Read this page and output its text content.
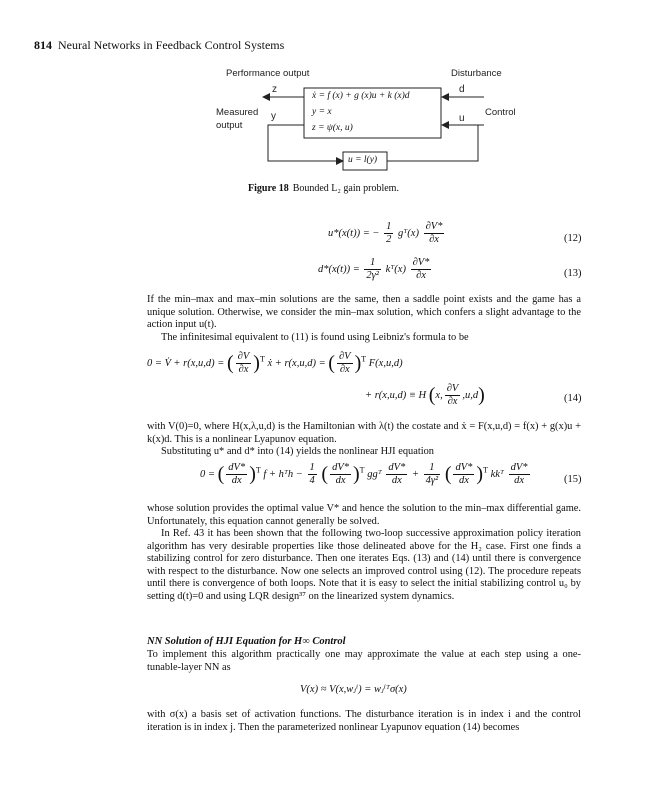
814 Neural Networks in Feedback Control Systems
Performance output	Disturbance
z	d
Measured
output
y	u
Control
ẋ = f (x) + g (x)u + k (x)d
y = x
z = ψ(x, u)
u = l(y)
Figure 18 Bounded L₂ gain problem.
u*(x(t)) = − $\frac{1}{2}$ gᵀ(x) $\frac{\partial V*}{\partial x}$	(12)
$d*(x(t)) = \frac{1}{\text{2γ²}}$ kᵀ(x) $\frac{\partial V*}{\partial x}$	(13)
If the min–max and max–min solutions are the same, then a saddle point exists and the game has a unique solution. Otherwise, we consider the min–max solution, which confers a slight advantage to the action input u(t).
The infinitesimal equivalent to (11) is found using Leibniz's formula to be
0 = V̇ + r(x,u,d) = ( $\frac{\partial V}{\partial x} )^T$ ẋ + r(x,u,d) = ( $\frac{\partial V}{\partial x} )^T$ F(x,u,d)
+ r(x,u,d) ≡ H (x, $\frac{\partial V}{\partial x} ,u,d$)	(14)
with V(0)=0, where H(x,λ,u,d) is the Hamiltonian with λ(t) the costate and ẋ = F(x,u,d) = f(x) + g(x)u + k(x)d. This is a nonlinear Lyapunov equation.
Substituting u* and d* into (14) yields the nonlinear HJI equation
0 = ( $\frac{dV*}{dx} )^T$ f + hᵀh − $\frac{1}{4}$ ( $\frac{dV*}{dx} )^T$ ggᵀ $\frac{dV*}{dx} + \frac{1}{\text{4γ²}}$ ( $\frac{dV*}{dx} )^T$ kkᵀ $\frac{dV*}{dx}$	(15)
whose solution provides the optimal value V* and hence the solution to the min–max differential game. Unfortunately, this equation cannot generally be solved.
In Ref. 43 it has been shown that the following two-loop successive approximation policy iteration algorithm has very desirable properties like those delineated above for the H₂ case. First one finds a stabilizing control for zero disturbance. Then one iterates Eqs. (13) and (14) until there is convergence with respect to the disturbance. Now one selects an improved control using (12). The procedure repeats until there is convergence of both loops. Note that it is easy to select the initial stabilizing control u₀ by setting d(t)=0 and using LQR design³⁷ on the linearized system dynamics.
NN Solution of HJI Equation for H∞ Control
To implement this algorithm practically one may approximate the value at each step using a one-tunable-layer NN as
V(x) ≈ V(x,wⱼⁱ) = wⱼⁱᵀσ(x)
with σ(x) a basis set of activation functions. The disturbance iteration is in index i and the control iteration is in index j. Then the parameterized nonlinear Lyapunov equation (14) becomes
